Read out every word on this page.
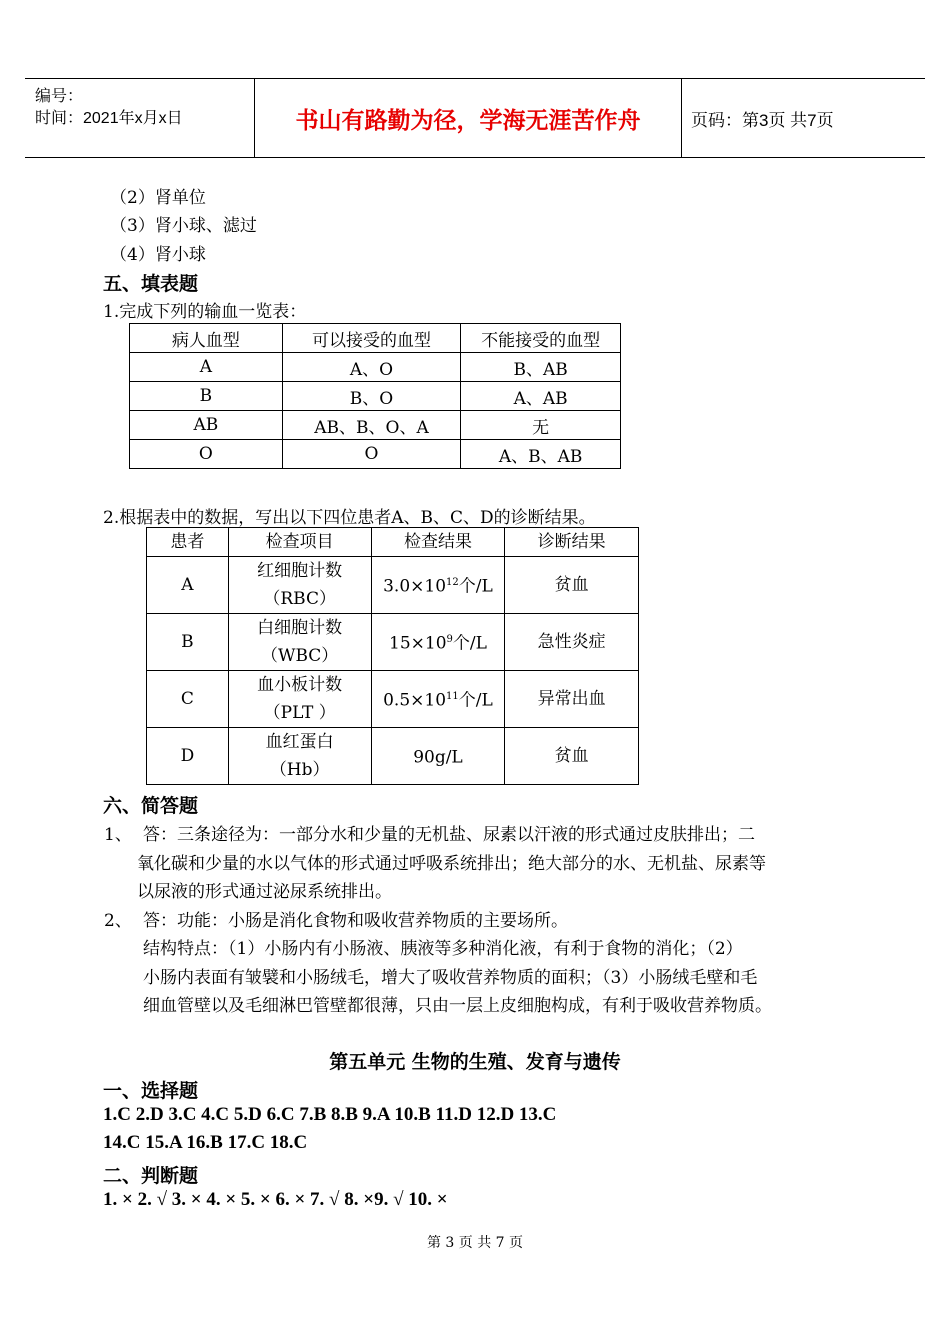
编号：
时间：2021年x月x日	书山有路勤为径，学海无涯苦作舟	页码：第3页 共7页
（2）肾单位
（3）肾小球、滤过
（4）肾小球
五、填表题
1.完成下列的输血一览表：
病人血型	可以接受的血型	不能接受的血型
A	A、O	B、AB
B	B、O	A、AB
AB	AB、B、O、A	无
O	O	A、B、AB
2.根据表中的数据，写出以下四位患者A、B、C、D的诊断结果。
患者	检查项目	检查结果	诊断结果
A	红细胞计数
（RBC）	$3.0\times 10^{12}$个/L	贫血
B	白细胞计数
（WBC）	$15\times 10^9$个/L	急性炎症
C	血小板计数
（PLT ）	$0.5\times 10^{11}$个/L	异常出血
D	血红蛋白
（Hb）	90g/L	贫血
六、简答题
1、 答：三条途径为：一部分水和少量的无机盐、尿素以汗液的形式通过皮肤排出；二
氧化碳和少量的水以气体的形式通过呼吸系统排出；绝大部分的水、无机盐、尿素等
以尿液的形式通过泌尿系统排出。
2、 答：功能：小肠是消化食物和吸收营养物质的主要场所。
结构特点：（1）小肠内有小肠液、胰液等多种消化液，有利于食物的消化；（2）
小肠内表面有皱襞和小肠绒毛，增大了吸收营养物质的面积；（3）小肠绒毛壁和毛
细血管壁以及毛细淋巴管壁都很薄，只由一层上皮细胞构成，有利于吸收营养物质。
第五单元 生物的生殖、发育与遗传
一、选择题
1.C 2.D 3.C 4.C 5.D 6.C 7.B 8.B 9.A 10.B 11.D 12.D 13.C
14.C 15.A 16.B 17.C 18.C
二、判断题
1. × 2. √ 3. × 4. × 5. × 6. × 7. √ 8. ×9. √ 10. ×
第 3 页 共 7 页
